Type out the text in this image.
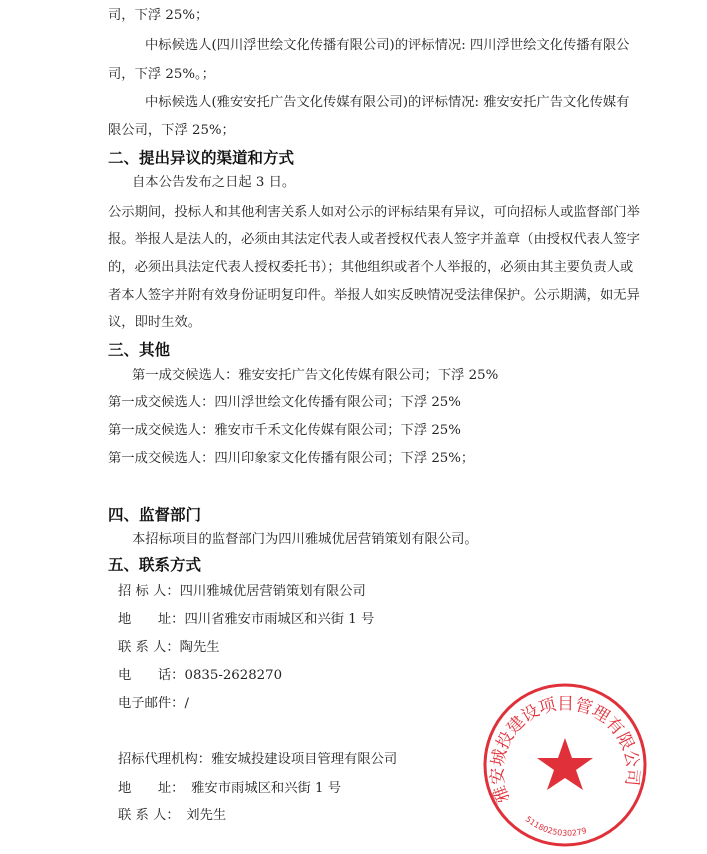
司，下浮 25%；
中标候选人(四川浮世绘文化传播有限公司)的评标情况: 四川浮世绘文化传播有限公
司，下浮 25%。；
中标候选人(雅安安托广告文化传媒有限公司)的评标情况: 雅安安托广告文化传媒有
限公司，下浮 25%；
二、提出异议的渠道和方式
自本公告发布之日起 3 日。
公示期间，投标人和其他利害关系人如对公示的评标结果有异议，可向招标人或监督部门举
报。举报人是法人的，必须由其法定代表人或者授权代表人签字并盖章（由授权代表人签字
的，必须出具法定代表人授权委托书）；其他组织或者个人举报的，必须由其主要负责人或
者本人签字并附有效身份证明复印件。举报人如实反映情况受法律保护。公示期满，如无异
议，即时生效。
三、其他
第一成交候选人：雅安安托广告文化传媒有限公司；下浮 25%
第一成交候选人：四川浮世绘文化传播有限公司；下浮 25%
第一成交候选人：雅安市千禾文化传媒有限公司；下浮 25%
第一成交候选人：四川印象家文化传播有限公司；下浮 25%；
四、监督部门
本招标项目的监督部门为四川雅城优居营销策划有限公司。
五、联系方式
招 标 人：四川雅城优居营销策划有限公司
地　　址：四川省雅安市雨城区和兴街 1 号
联 系 人：陶先生
电　　话：0835-2628270
电子邮件：/
招标代理机构：雅安城投建设项目管理有限公司
地　　址：　雅安市雨城区和兴街 1 号
联 系 人：　刘先生
雅安城投建设项目管理有限公司
5118025030279
